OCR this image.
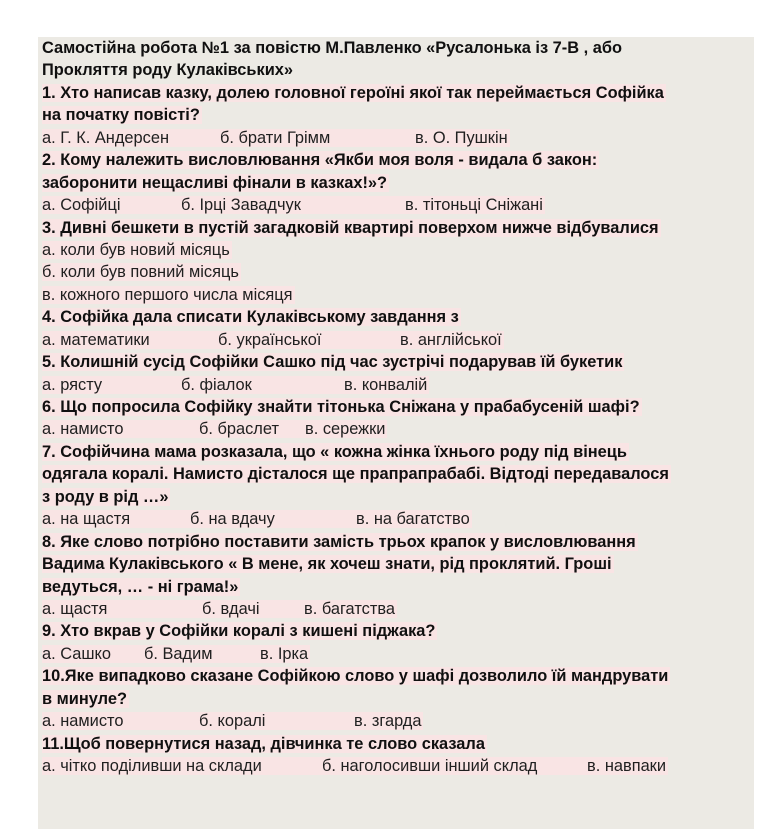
Самостійна робота №1 за повістю М.Павленко «Русалонька із 7-В , або
Прокляття роду Кулаківських»
1. Хто написав казку, долею головної героїні якої так переймається Софійка
на початку повісті?
а. Г. К. Андерсен	б. брати Грімм	в. О. Пушкін
2. Кому належить висловлювання «Якби моя воля - видала б закон:
заборонити нещасливі фінали в казках!»?
а. Софійці	б. Ірці Завадчук	в. тітоньці Сніжані
3. Дивні бешкети в пустій загадковій квартирі поверхом нижче відбувалися
а. коли був новий місяць
б. коли був повний місяць
в. кожного першого числа місяця
4. Софійка дала списати Кулаківському завдання з
а. математики	б. української	в. англійської
5. Колишній сусід Софійки Сашко під час зустрічі подарував їй букетик
а. рясту	б. фіалок	в. конвалій
6. Що попросила Софійку знайти тітонька Сніжана у прабабусеній шафі?
а. намисто	б. браслет в. сережки
7. Софійчина мама розказала, що « кожна жінка їхнього роду під вінець
одягала коралі. Намисто дісталося ще прапрапрабабі. Відтоді передавалося
з роду в рід …»
а. на щастя	б. на вдачу	в. на багатство
8. Яке слово потрібно поставити замість трьох крапок у висловлювання
Вадима Кулаківського « В мене, як хочеш знати, рід проклятий. Гроші
ведуться, … - ні грама!»
а. щастя	б. вдачі	в. багатства
9. Хто вкрав у Софійки коралі з кишені піджака?
а. Сашко б. Вадим	в. Ірка
10.Яке випадково сказане Софійкою слово у шафі дозволило їй мандрувати
в минуле?
а. намисто	б. коралі	в. згарда
11.Щоб повернутися назад, дівчинка те слово сказала
а. чітко поділивши на склади	б. наголосивши інший склад	в. навпаки
